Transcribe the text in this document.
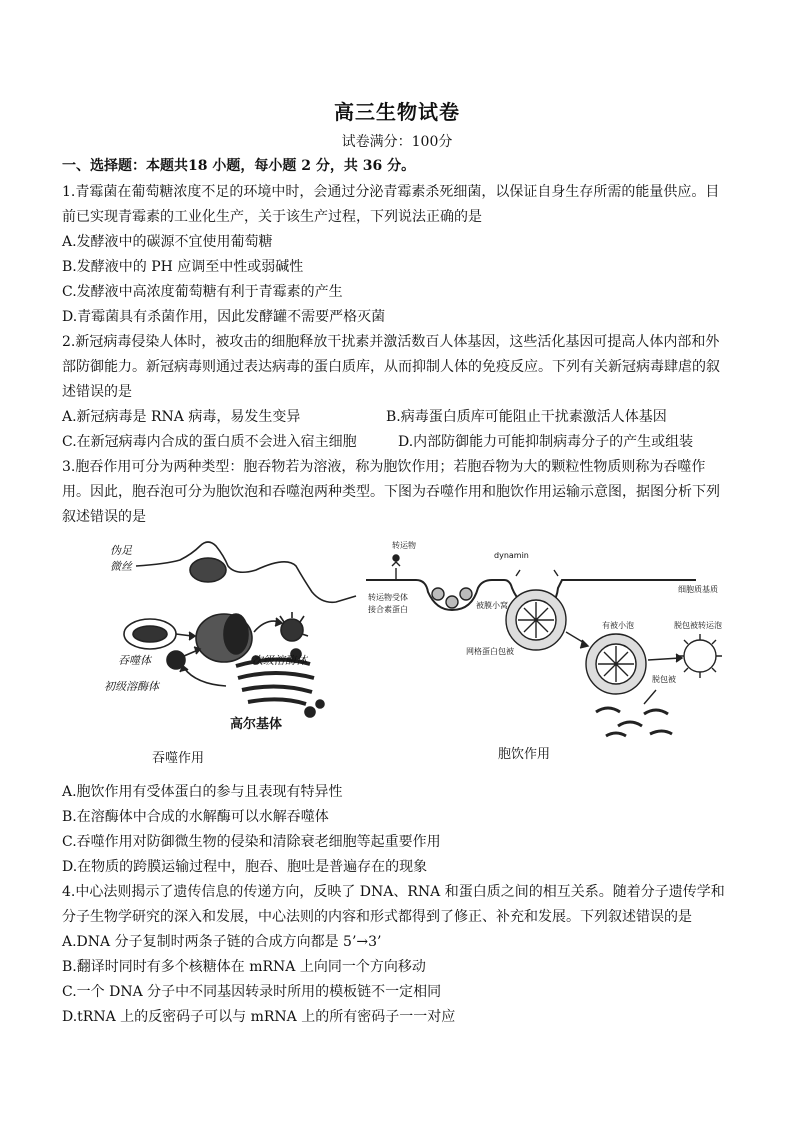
高三生物试卷
试卷满分：100分
一、选择题：本题共18 小题，每小题 2 分，共 36 分。
1.青霉菌在葡萄糖浓度不足的环境中时，会通过分泌青霉素杀死细菌，以保证自身生存所需的能量供应。目
前已实现青霉素的工业化生产，关于该生产过程，下列说法正确的是
A.发酵液中的碳源不宜使用葡萄糖
B.发酵液中的 PH 应调至中性或弱碱性
C.发酵液中高浓度葡萄糖有利于青霉素的产生
D.青霉菌具有杀菌作用，因此发酵罐不需要严格灭菌
2.新冠病毒侵染人体时，被攻击的细胞释放干扰素并激活数百人体基因，这些活化基因可提高人体内部和外
部防御能力。新冠病毒则通过表达病毒的蛋白质库，从而抑制人体的免疫反应。下列有关新冠病毒肆虐的叙
述错误的是
A.新冠病毒是 RNA 病毒，易发生变异	B.病毒蛋白质库可能阻止干扰素激活人体基因
C.在新冠病毒内合成的蛋白质不会进入宿主细胞	D.内部防御能力可能抑制病毒分子的产生或组装
3.胞吞作用可分为两种类型：胞吞物若为溶液，称为胞饮作用；若胞吞物为大的颗粒性物质则称为吞噬作
用。因此，胞吞泡可分为胞饮泡和吞噬泡两种类型。下图为吞噬作用和胞饮作用运输示意图，据图分析下列
叙述错误的是
伪足
微丝
吞噬体
初级溶酶体
次级溶酶体
高尔基体
吞噬作用
转运物
dynamin
转运物受体
接合素蛋白	被膜小窝
网格蛋白包被
有被小泡	脱包被转运泡
脱包被
细胞质基质
胞饮作用
A.胞饮作用有受体蛋白的参与且表现有特异性
B.在溶酶体中合成的水解酶可以水解吞噬体
C.吞噬作用对防御微生物的侵染和清除衰老细胞等起重要作用
D.在物质的跨膜运输过程中，胞吞、胞吐是普遍存在的现象
4.中心法则揭示了遗传信息的传递方向，反映了 DNA、RNA 和蛋白质之间的相互关系。随着分子遗传学和
分子生物学研究的深入和发展，中心法则的内容和形式都得到了修正、补充和发展。下列叙述错误的是
A.DNA 分子复制时两条子链的合成方向都是 5’→3’
B.翻译时同时有多个核糖体在 mRNA 上向同一个方向移动
C.一个 DNA 分子中不同基因转录时所用的模板链不一定相同
D.tRNA 上的反密码子可以与 mRNA 上的所有密码子一一对应
